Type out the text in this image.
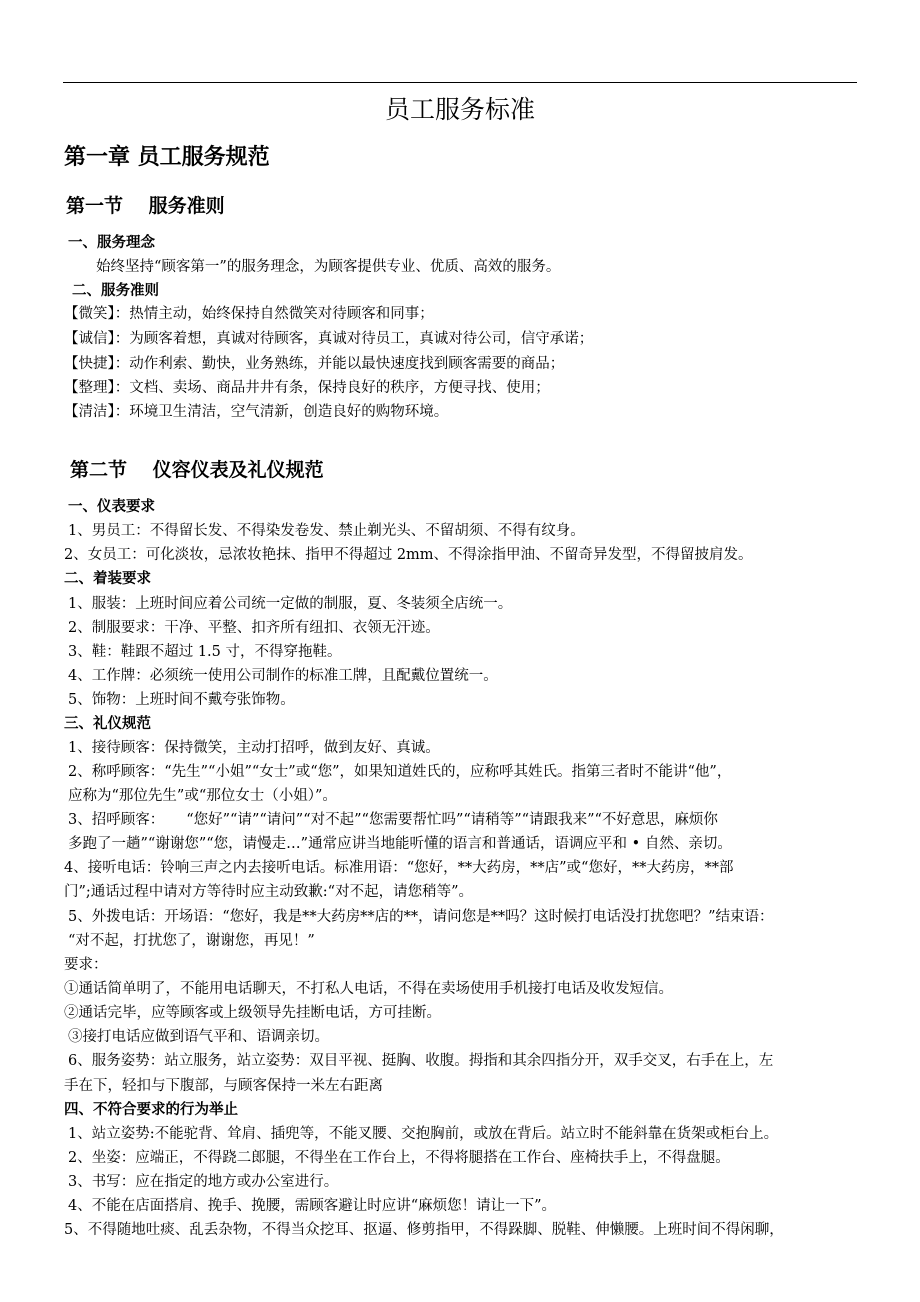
员工服务标准
第一章 员工服务规范
第一节　 服务准则
一、服务理念
始终坚持“顾客第一”的服务理念，为顾客提供专业、优质、高效的服务。
二、服务准则
【微笑】：热情主动，始终保持自然微笑对待顾客和同事；
【诚信】：为顾客着想，真诚对待顾客，真诚对待员工，真诚对待公司，信守承诺；
【快捷】：动作利索、勤快，业务熟练，并能以最快速度找到顾客需要的商品；
【整理】：文档、卖场、商品井井有条，保持良好的秩序，方便寻找、使用；
【清洁】：环境卫生清洁，空气清新，创造良好的购物环境。
第二节　 仪容仪表及礼仪规范
一、仪表要求
1、男员工：不得留长发、不得染发卷发、禁止剃光头、不留胡须、不得有纹身。
2、女员工：可化淡妆，忌浓妆艳抹、指甲不得超过 2mm、不得涂指甲油、不留奇异发型，不得留披肩发。
二、着装要求
1、服装：上班时间应着公司统一定做的制服，夏、冬装须全店统一。
2、制服要求：干净、平整、扣齐所有纽扣、衣领无汗迹。
3、鞋：鞋跟不超过 1.5 寸，不得穿拖鞋。
4、工作牌：必须统一使用公司制作的标准工牌，且配戴位置统一。
5、饰物：上班时间不戴夸张饰物。
三、礼仪规范
1、接待顾客：保持微笑，主动打招呼，做到友好、真诚。
2、称呼顾客：“先生”“小姐”“女士”或“您”，如果知道姓氏的，应称呼其姓氏。指第三者时不能讲“他”，
应称为“那位先生”或“那位女士（小姐）”。
3、招呼顾客： “您好”“请”“请问”“对不起”“您需要帮忙吗”“请稍等”“请跟我来”“不好意思，麻烦你
多跑了一趟”“谢谢您”“您，请慢走…”通常应讲当地能听懂的语言和普通话，语调应平和 • 自然、亲切。
4、接听电话：铃响三声之内去接听电话。标准用语：“您好，**大药房，**店”或“您好，**大药房，**部
门”;通话过程中请对方等待时应主动致歉:“对不起，请您稍等”。
5、外拨电话：开场语：“您好，我是**大药房**店的**，请问您是**吗？这时候打电话没打扰您吧？”结束语：
“对不起，打扰您了，谢谢您，再见！”
要求：
①通话简单明了，不能用电话聊天，不打私人电话，不得在卖场使用手机接打电话及收发短信。
②通话完毕，应等顾客或上级领导先挂断电话，方可挂断。
③接打电话应做到语气平和、语调亲切。
6、服务姿势：站立服务，站立姿势：双目平视、挺胸、收腹。拇指和其余四指分开，双手交叉，右手在上，左
手在下，轻扣与下腹部，与顾客保持一米左右距离
四、不符合要求的行为举止
1、站立姿势:不能驼背、耸肩、插兜等，不能叉腰、交抱胸前，或放在背后。站立时不能斜靠在货架或柜台上。
2、坐姿：应端正，不得跷二郎腿，不得坐在工作台上，不得将腿搭在工作台、座椅扶手上，不得盘腿。
3、书写：应在指定的地方或办公室进行。
4、不能在店面搭肩、挽手、挽腰，需顾客避让时应讲“麻烦您！请让一下”。
5、不得随地吐痰、乱丢杂物，不得当众挖耳、抠逼、修剪指甲，不得跺脚、脱鞋、伸懒腰。上班时间不得闲聊，
